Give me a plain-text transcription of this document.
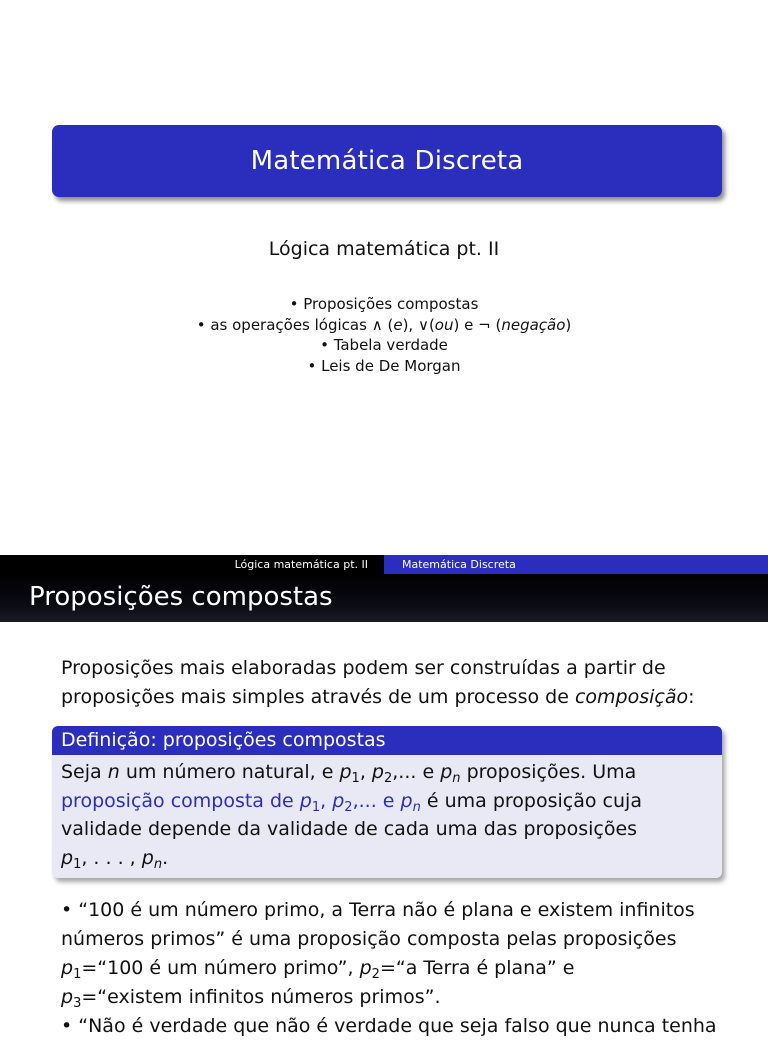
Matemática Discreta
Lógica matemática pt. II
• Proposições compostas
• as operações lógicas ∧ (e), ∨(ou) e ¬ (negação)
• Tabela verdade
• Leis de De Morgan
Lógica matemática pt. II	Matemática Discreta
Proposições compostas

Proposições mais elaboradas podem ser construídas a partir de

proposições mais simples através de um processo de composição:

Definição: proposições compostas
Seja n um número natural, e $p_1$, $p_2$,... e $p_n$ proposições. Uma
proposição composta de $p_1$, $p_2$,... e $p_n$ é uma proposição cuja
validade depende da validade de cada uma das proposições
$p_1$, . . . , $p_n$.

• “100 é um número primo, a Terra não é plana e existem infinitos

números primos” é uma proposição composta pelas proposições

$p_1=“100$ é um número primo”, $p_2=“a$ Terra é plana” e

$p_3=“existem$ infinitos números primos”.

• “Não é verdade que não é verdade que seja falso que nunca tenha
